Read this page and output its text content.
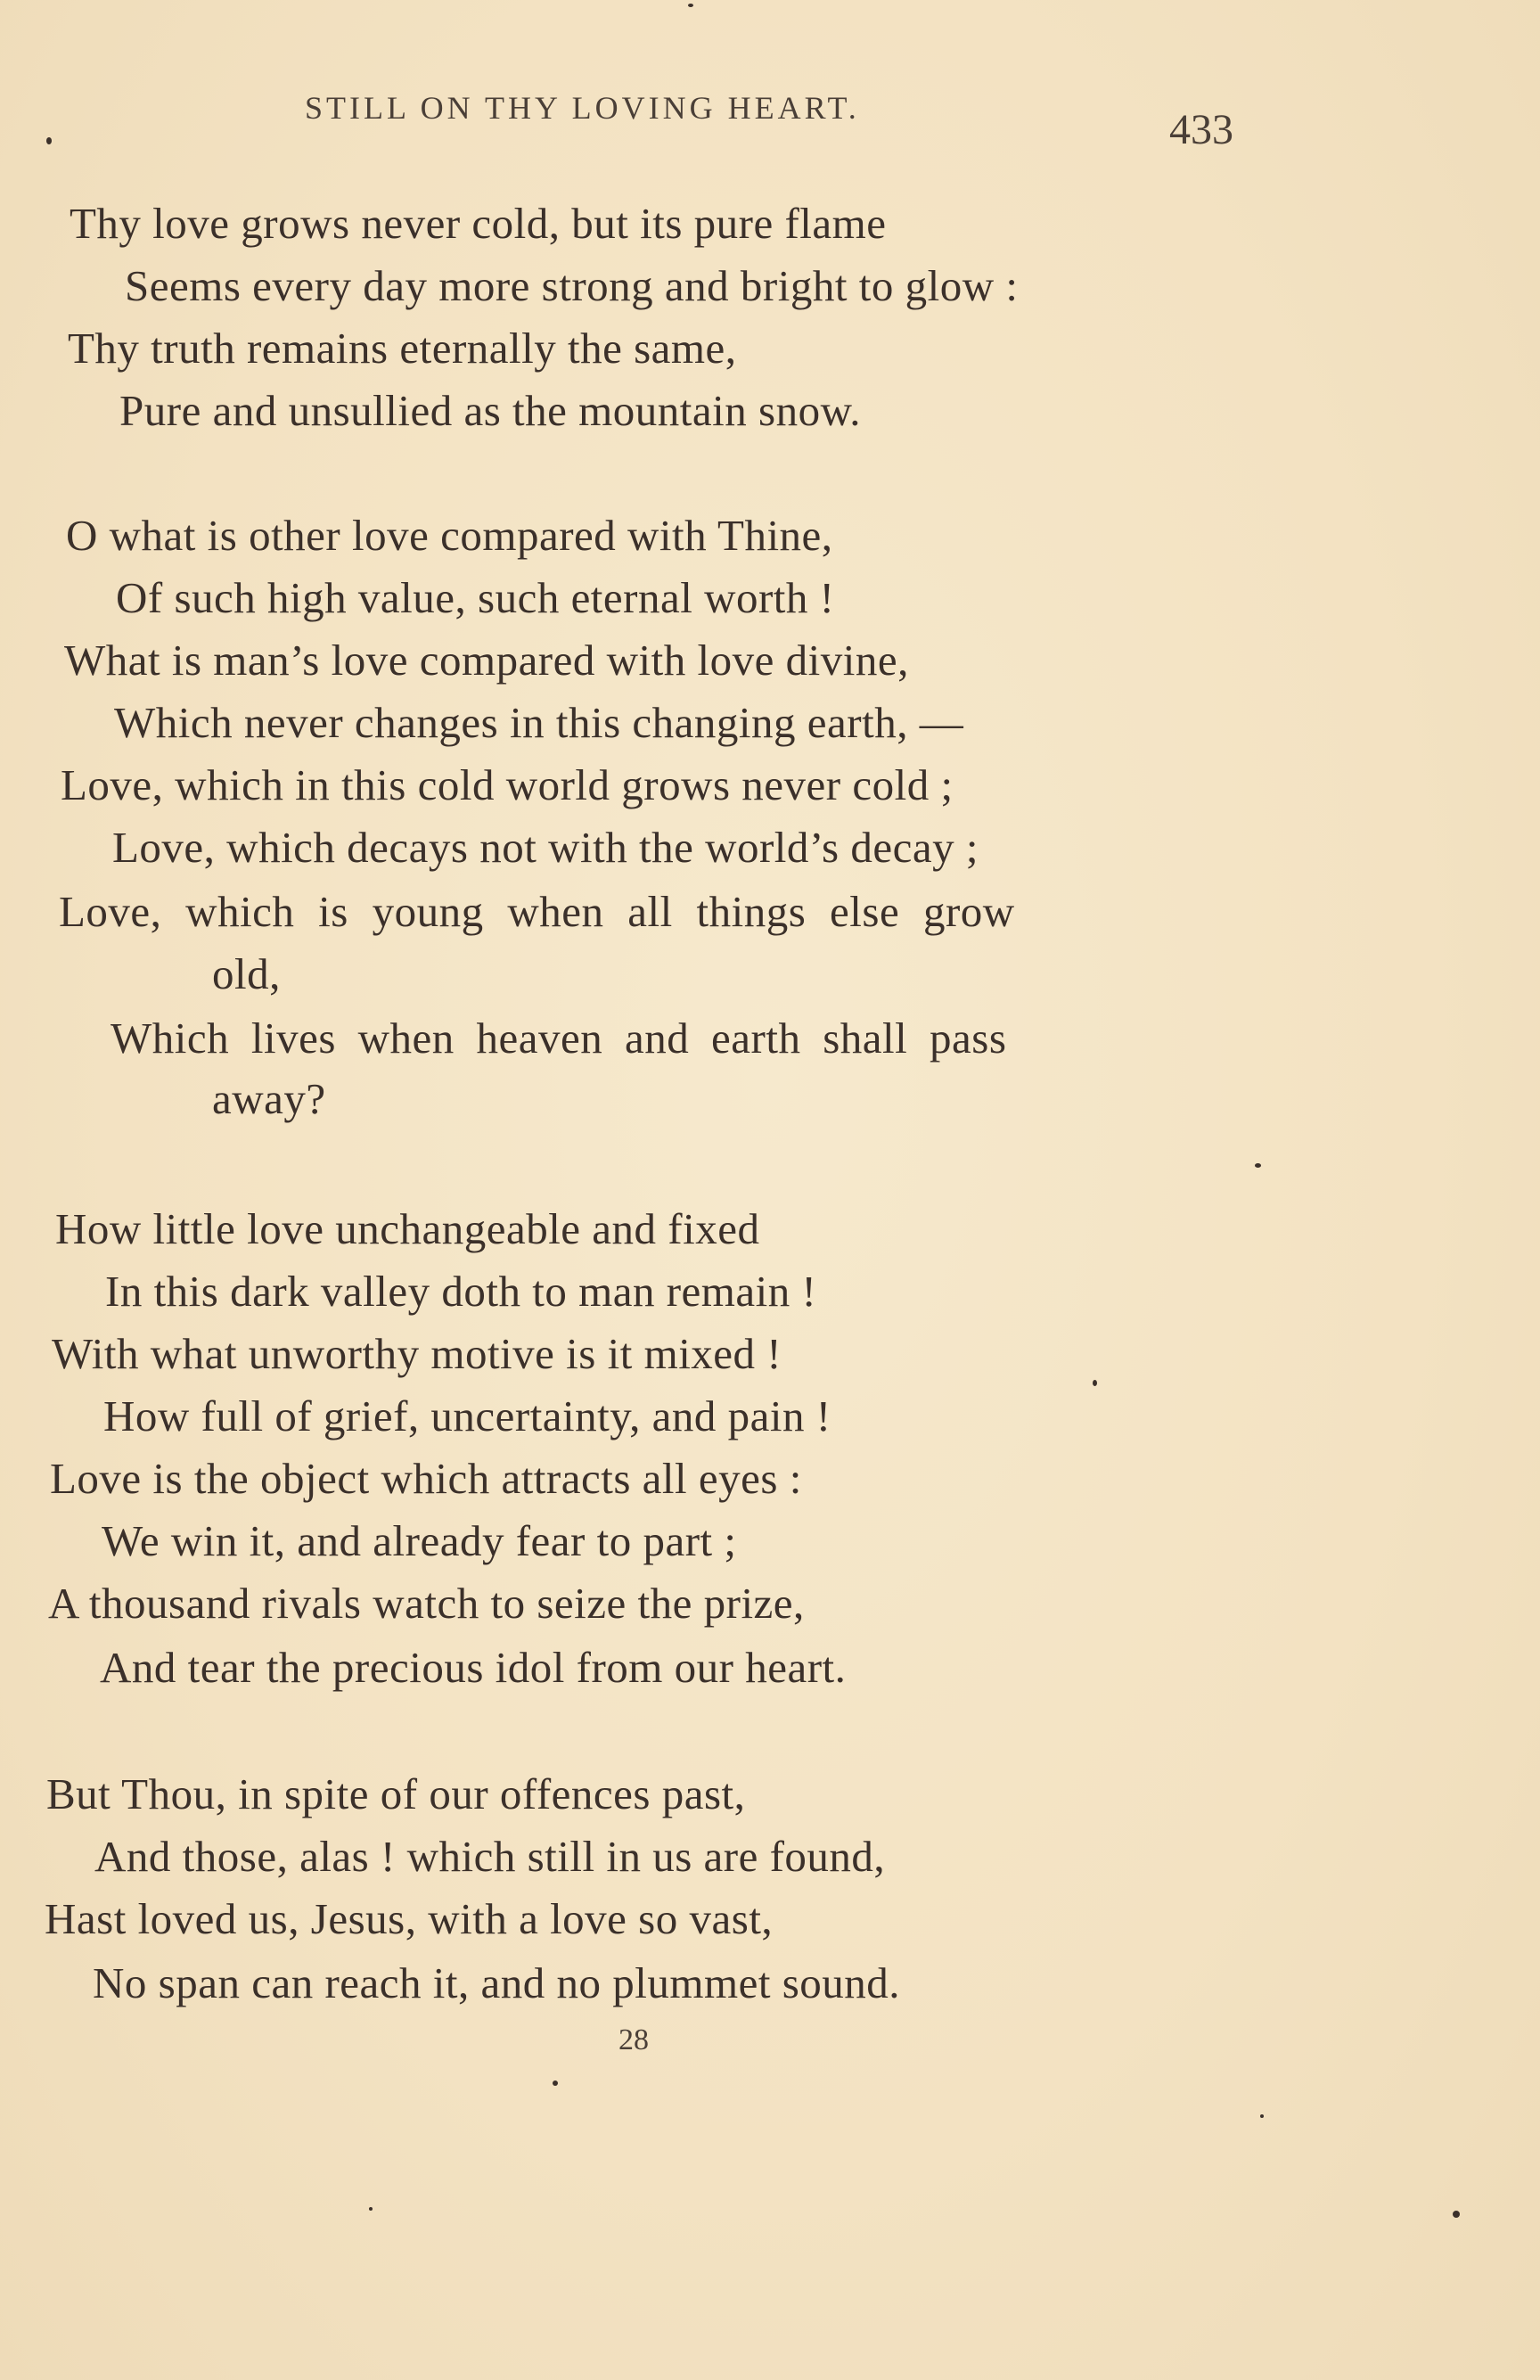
STILL ON THY LOVING HEART.	433
Thy love grows never cold, but its pure flame
Seems every day more strong and bright to glow :
Thy truth remains eternally the same,
Pure and unsullied as the mountain snow.
O what is other love compared with Thine,
Of such high value, such eternal worth !
What is man’s love compared with love divine,
Which never changes in this changing earth, —
Love, which in this cold world grows never cold ;
Love, which decays not with the world’s decay ;
Love, which is young when all things else grow
old,
Which lives when heaven and earth shall pass
away?
How little love unchangeable and fixed
In this dark valley doth to man remain !
With what unworthy motive is it mixed !
How full of grief, uncertainty, and pain !
Love is the object which attracts all eyes :
We win it, and already fear to part ;
A thousand rivals watch to seize the prize,
And tear the precious idol from our heart.
But Thou, in spite of our offences past,
And those, alas ! which still in us are found,
Hast loved us, Jesus, with a love so vast,
No span can reach it, and no plummet sound.
28
